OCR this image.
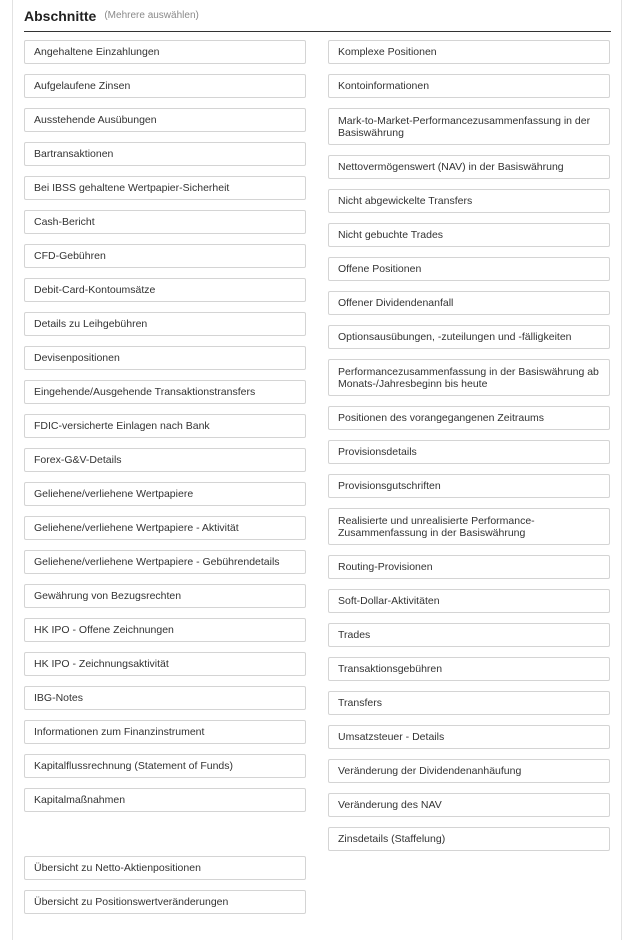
Abschnitte (Mehrere auswählen)
Angehaltene Einzahlungen
Aufgelaufene Zinsen
Ausstehende Ausübungen
Bartransaktionen
Bei IBSS gehaltene Wertpapier-Sicherheit
Cash-Bericht
CFD-Gebühren
Debit-Card-Kontoumsätze
Details zu Leihgebühren
Devisenpositionen
Eingehende/Ausgehende Transaktionstransfers
FDIC-versicherte Einlagen nach Bank
Forex-G&V-Details
Geliehene/verliehene Wertpapiere
Geliehene/verliehene Wertpapiere - Aktivität
Geliehene/verliehene Wertpapiere - Gebührendetails
Gewährung von Bezugsrechten
HK IPO - Offene Zeichnungen
HK IPO - Zeichnungsaktivität
IBG-Notes
Informationen zum Finanzinstrument
Kapitalflussrechnung (Statement of Funds)
Kapitalmaßnahmen
Übersicht zu Netto-Aktienpositionen
Übersicht zu Positionswertveränderungen
Komplexe Positionen
Kontoinformationen
Mark-to-Market-Performancezusammenfassung in der Basiswährung
Nettovermögenswert (NAV) in der Basiswährung
Nicht abgewickelte Transfers
Nicht gebuchte Trades
Offene Positionen
Offener Dividendenanfall
Optionsausübungen, -zuteilungen und -fälligkeiten
Performancezusammenfassung in der Basiswährung ab Monats-/Jahresbeginn bis heute
Positionen des vorangegangenen Zeitraums
Provisionsdetails
Provisionsgutschriften
Realisierte und unrealisierte Performance-Zusammenfassung in der Basiswährung
Routing-Provisionen
Soft-Dollar-Aktivitäten
Trades
Transaktionsgebühren
Transfers
Umsatzsteuer - Details
Veränderung der Dividendenanhäufung
Veränderung des NAV
Zinsdetails (Staffelung)
